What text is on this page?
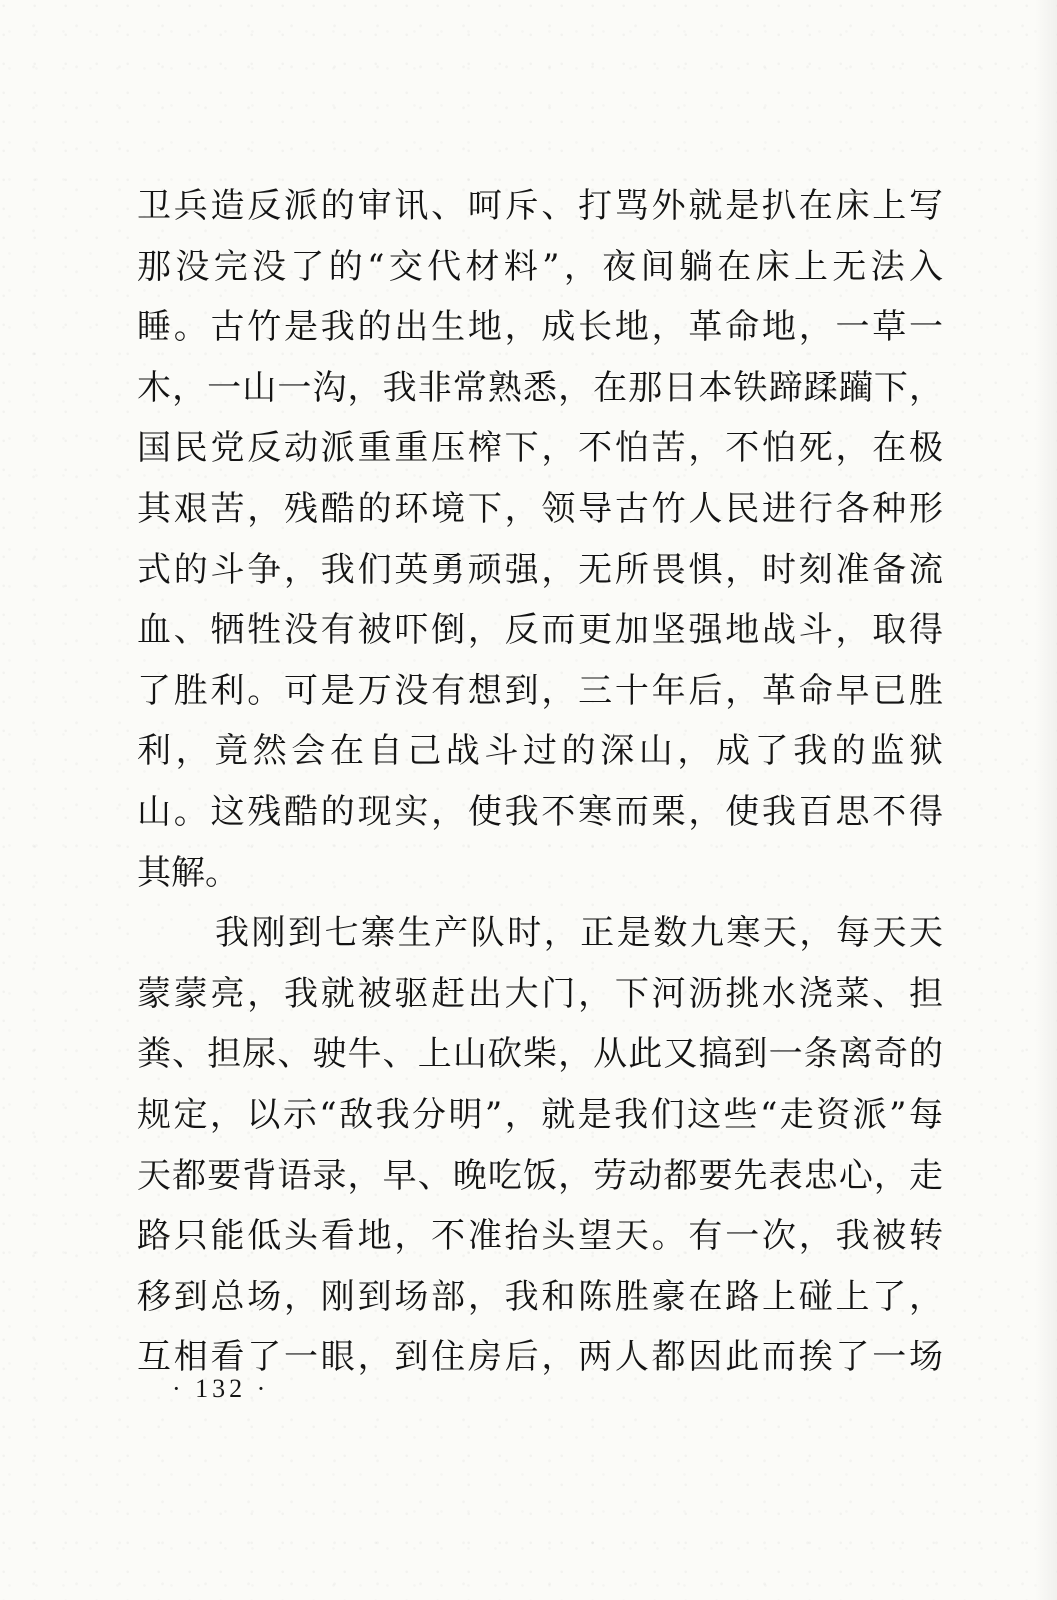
卫兵造反派的审讯、呵斥、打骂外就是扒在床上写
那没完没了的“交代材料”，夜间躺在床上无法入
睡。古竹是我的出生地，成长地，革命地，一草一
木，一山一沟，我非常熟悉，在那日本铁蹄蹂躏下，
国民党反动派重重压榨下，不怕苦，不怕死，在极
其艰苦，残酷的环境下，领导古竹人民进行各种形
式的斗争，我们英勇顽强，无所畏惧，时刻准备流
血、牺牲没有被吓倒，反而更加坚强地战斗，取得
了胜利。可是万没有想到，三十年后，革命早已胜
利，竟然会在自己战斗过的深山，成了我的监狱
山。这残酷的现实，使我不寒而栗，使我百思不得
其解。
我刚到七寨生产队时，正是数九寒天，每天天
蒙蒙亮，我就被驱赶出大门，下河沥挑水浇菜、担
粪、担尿、驶牛、上山砍柴，从此又搞到一条离奇的
规定，以示“敌我分明”，就是我们这些“走资派”每
天都要背语录，早、晚吃饭，劳动都要先表忠心，走
路只能低头看地，不准抬头望天。有一次，我被转
移到总场，刚到场部，我和陈胜豪在路上碰上了，
互相看了一眼，到住房后，两人都因此而挨了一场
· 132 ·
